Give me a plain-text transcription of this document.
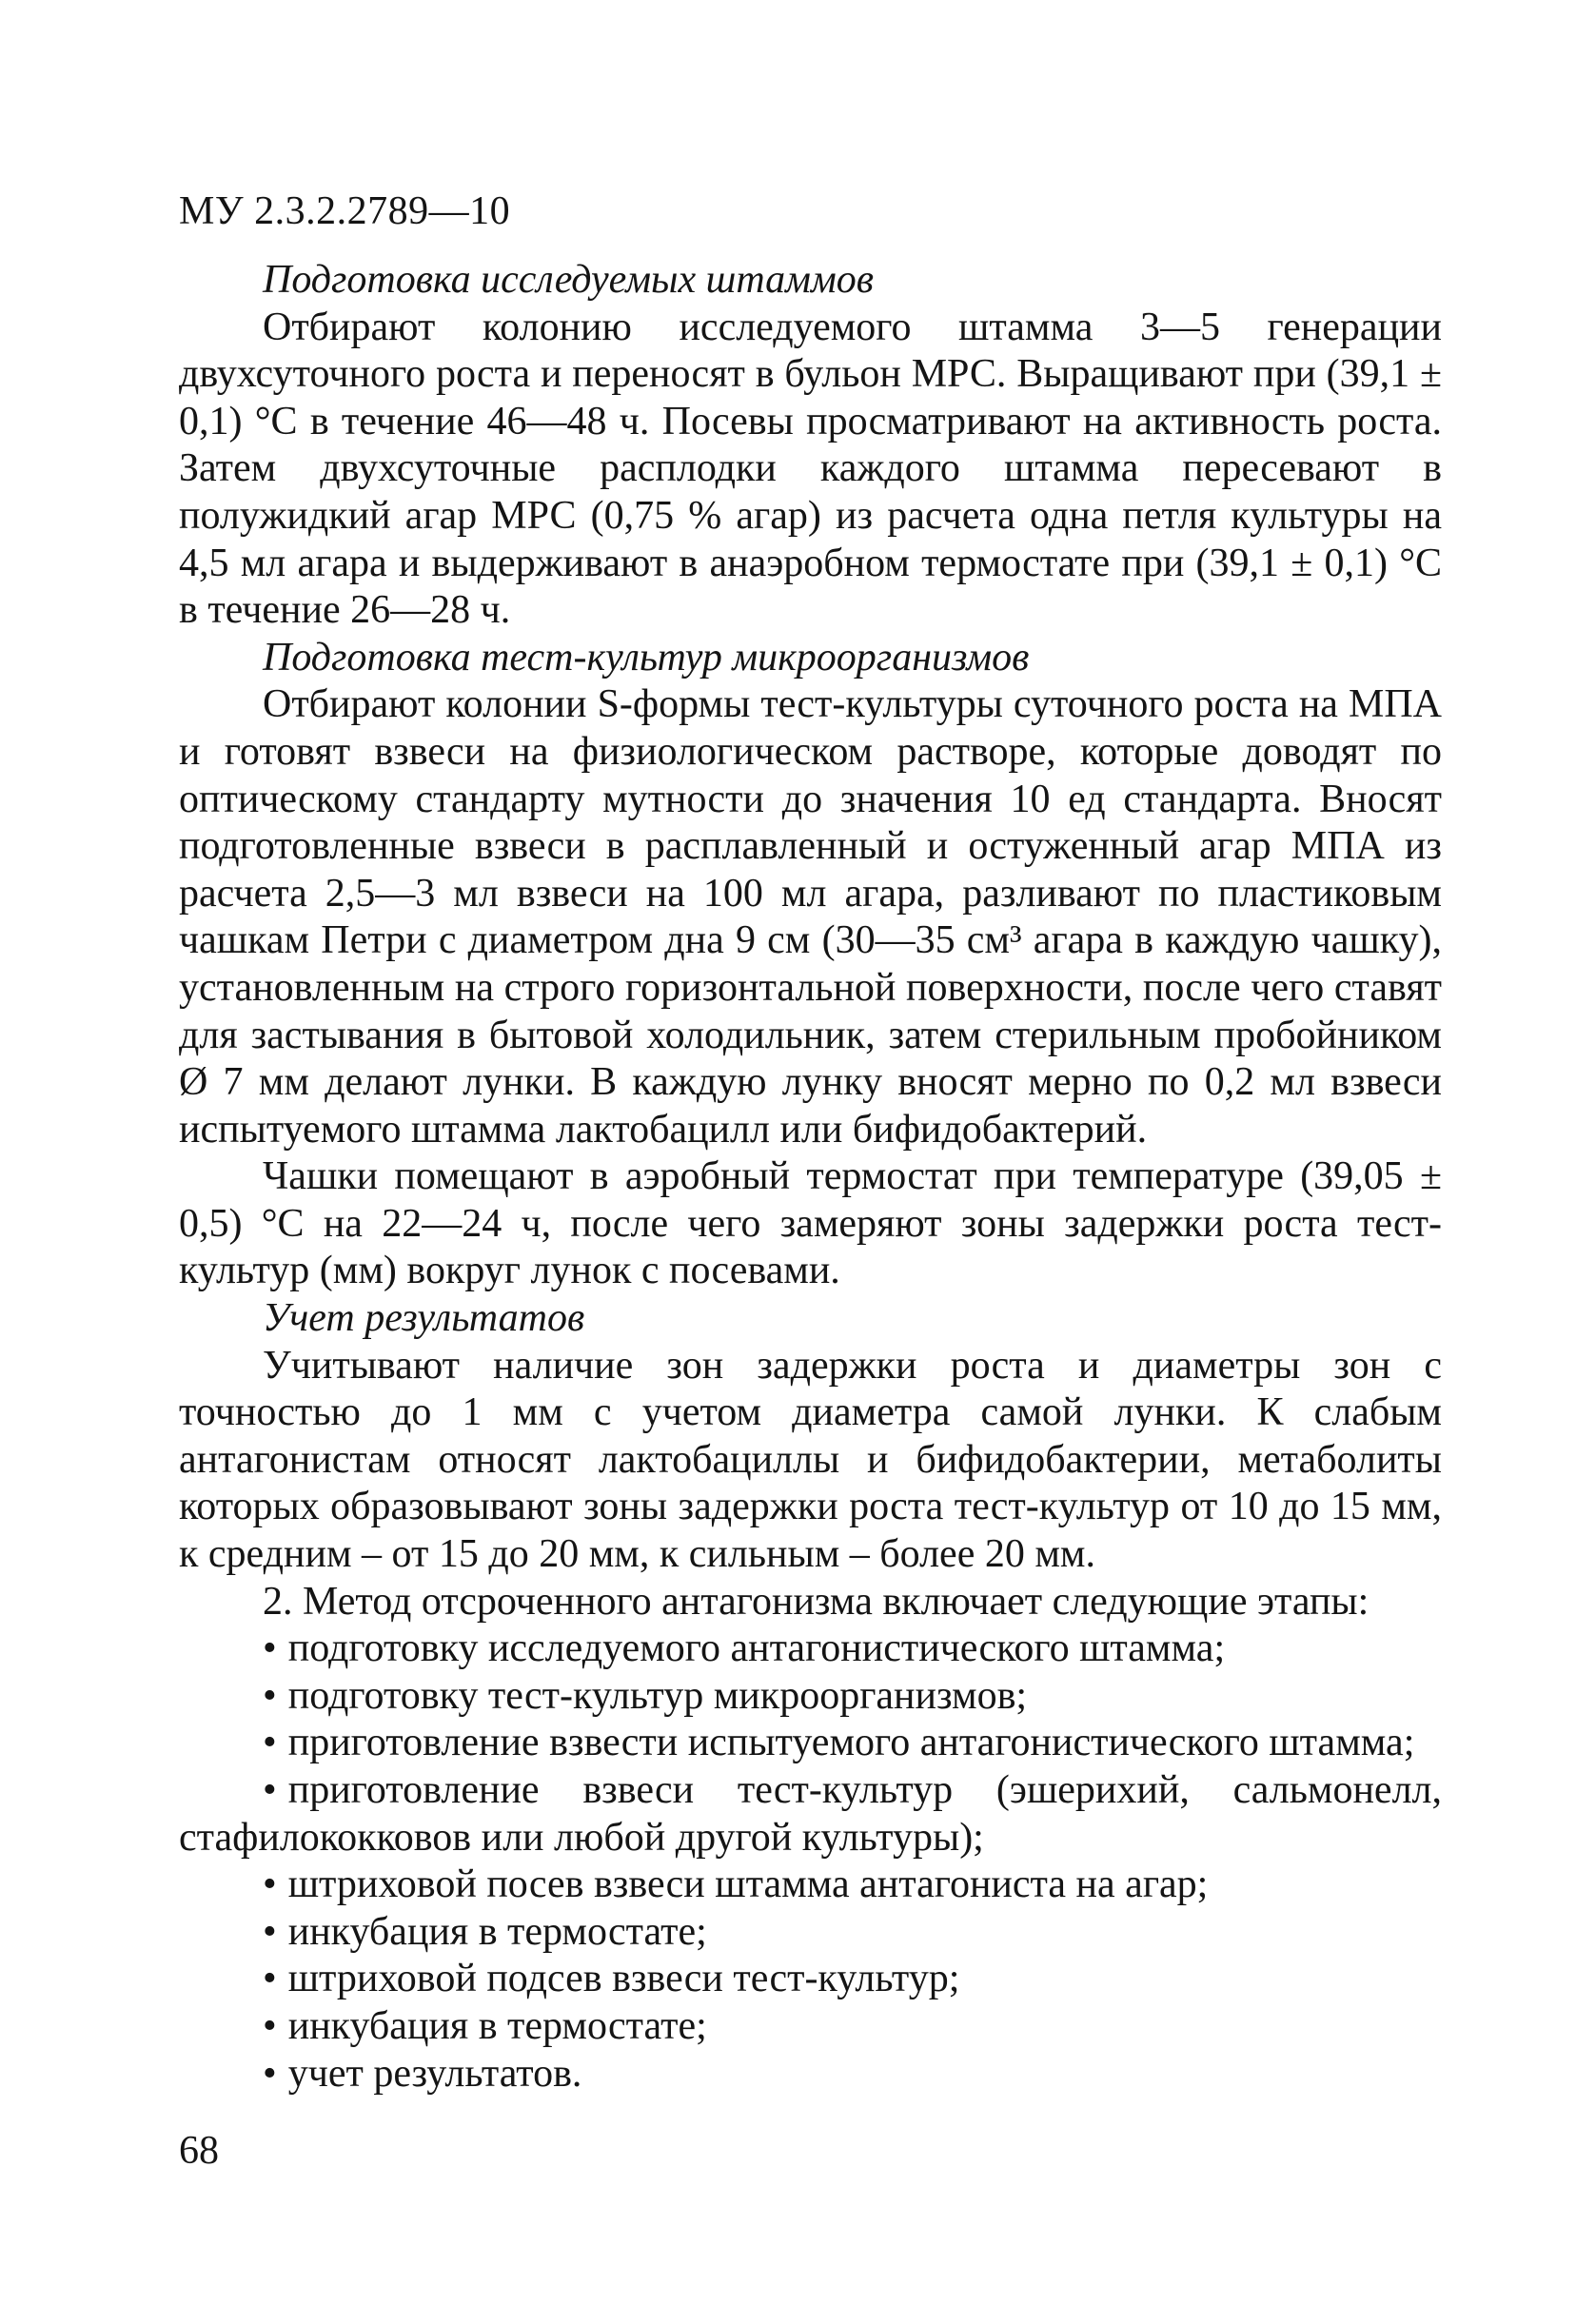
МУ 2.3.2.2789—10

Подготовка исследуемых штаммов

Отбирают колонию исследуемого штамма 3—5 генерации двухсуточного роста и переносят в бульон МРС. Выращивают при (39,1 ± 0,1) °С в течение 46—48 ч. Посевы просматривают на активность роста. Затем двухсуточные расплодки каждого штамма пересевают в полужидкий агар МРС (0,75 % агар) из расчета одна петля культуры на 4,5 мл агара и выдерживают в анаэробном термостате при (39,1 ± 0,1) °С в течение 26—28 ч.

Подготовка тест-культур микроорганизмов

Отбирают колонии S-формы тест-культуры суточного роста на МПА и готовят взвеси на физиологическом растворе, которые доводят по оптическому стандарту мутности до значения 10 ед стандарта. Вносят подготовленные взвеси в расплавленный и остуженный агар МПА из расчета 2,5—3 мл взвеси на 100 мл агара, разливают по пластиковым чашкам Петри с диаметром дна 9 см (30—35 см³ агара в каждую чашку), установленным на строго горизонтальной поверхности, после чего ставят для застывания в бытовой холодильник, затем стерильным пробойником Ø 7 мм делают лунки. В каждую лунку вносят мерно по 0,2 мл взвеси испытуемого штамма лактобацилл или бифидобактерий.

Чашки помещают в аэробный термостат при температуре (39,05 ± 0,5) °С на 22—24 ч, после чего замеряют зоны задержки роста тест-культур (мм) вокруг лунок с посевами.

Учет результатов

Учитывают наличие зон задержки роста и диаметры зон с точностью до 1 мм с учетом диаметра самой лунки. К слабым антагонистам относят лактобациллы и бифидобактерии, метаболиты которых образовывают зоны задержки роста тест-культур от 10 до 15 мм, к средним – от 15 до 20 мм, к сильным – более 20 мм.

2. Метод отсроченного антагонизма включает следующие этапы:

• подготовку исследуемого антагонистического штамма;

• подготовку тест-культур микроорганизмов;

• приготовление взвести испытуемого антагонистического штамма;

• приготовление взвеси тест-культур (эшерихий, сальмонелл, стафилококковов или любой другой культуры);

• штриховой посев взвеси штамма антагониста на агар;

• инкубация в термостате;

• штриховой подсев взвеси тест-культур;

• инкубация в термостате;

• учет результатов.

68
